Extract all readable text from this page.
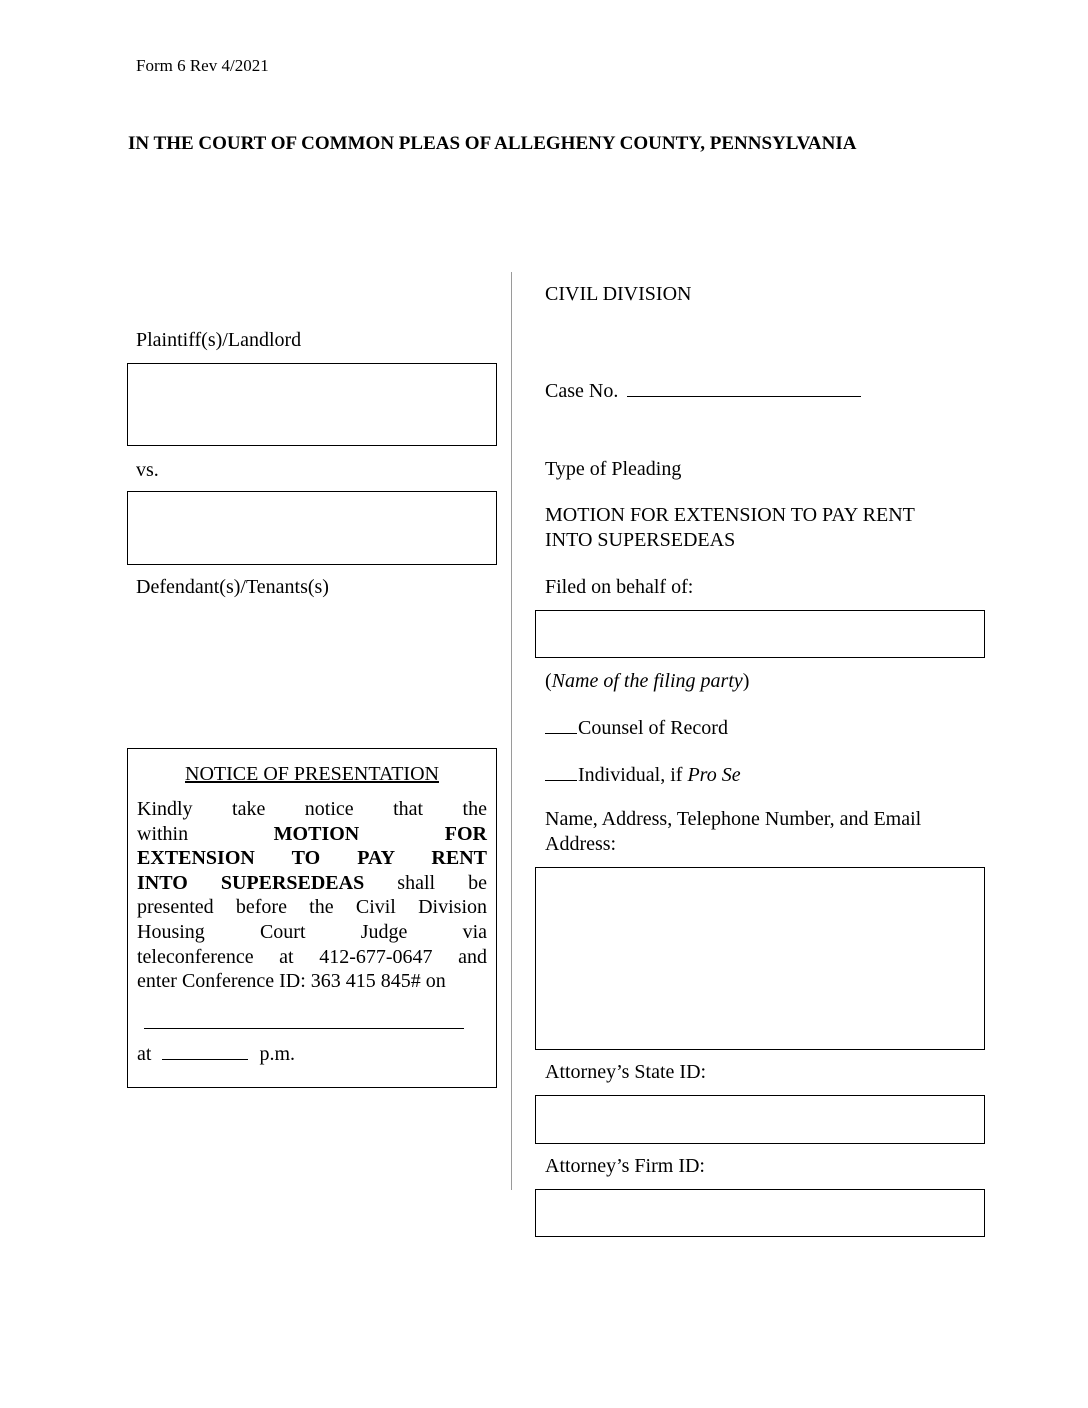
Form 6 Rev 4/2021
IN THE COURT OF COMMON PLEAS OF ALLEGHENY COUNTY, PENNSYLVANIA
Plaintiff(s)/Landlord
vs.
Defendant(s)/Tenants(s)
NOTICE OF PRESENTATION
Kindly take notice that the
within	MOTION FOR
EXTENSION TO PAY RENT
INTO SUPERSEDEAS shall be
presented before the Civil Division
Housing Court Judge via
teleconference at 412-677-0647 and
enter Conference ID: 363 415 845# on
at	p.m.
CIVIL DIVISION
Case No.
Type of Pleading
MOTION FOR EXTENSION TO PAY RENT
INTO SUPERSEDEAS
Filed on behalf of:
(Name of the filing party)
Counsel of Record
Individual, if Pro Se
Name, Address, Telephone Number, and Email
Address:
Attorney’s State ID:
Attorney’s Firm ID:
